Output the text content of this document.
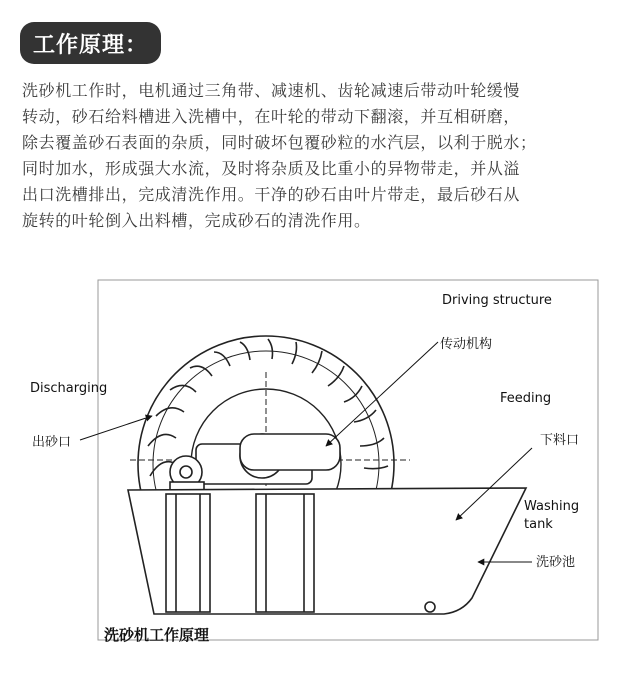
工作原理：
洗砂机工作时，电机通过三角带、减速机、齿轮减速后带动叶轮缓慢
转动，砂石给料槽进入洗槽中，在叶轮的带动下翻滚，并互相研磨，
除去覆盖砂石表面的杂质，同时破坏包覆砂粒的水汽层，以利于脱水；
同时加水，形成强大水流，及时将杂质及比重小的异物带走，并从溢
出口洗槽排出，完成清洗作用。干净的砂石由叶片带走，最后砂石从
旋转的叶轮倒入出料槽，完成砂石的清洗作用。
Driving structure
传动机构
Discharging
出砂口
Feeding
下料口
Washing
tank
洗砂池
洗砂机工作原理
